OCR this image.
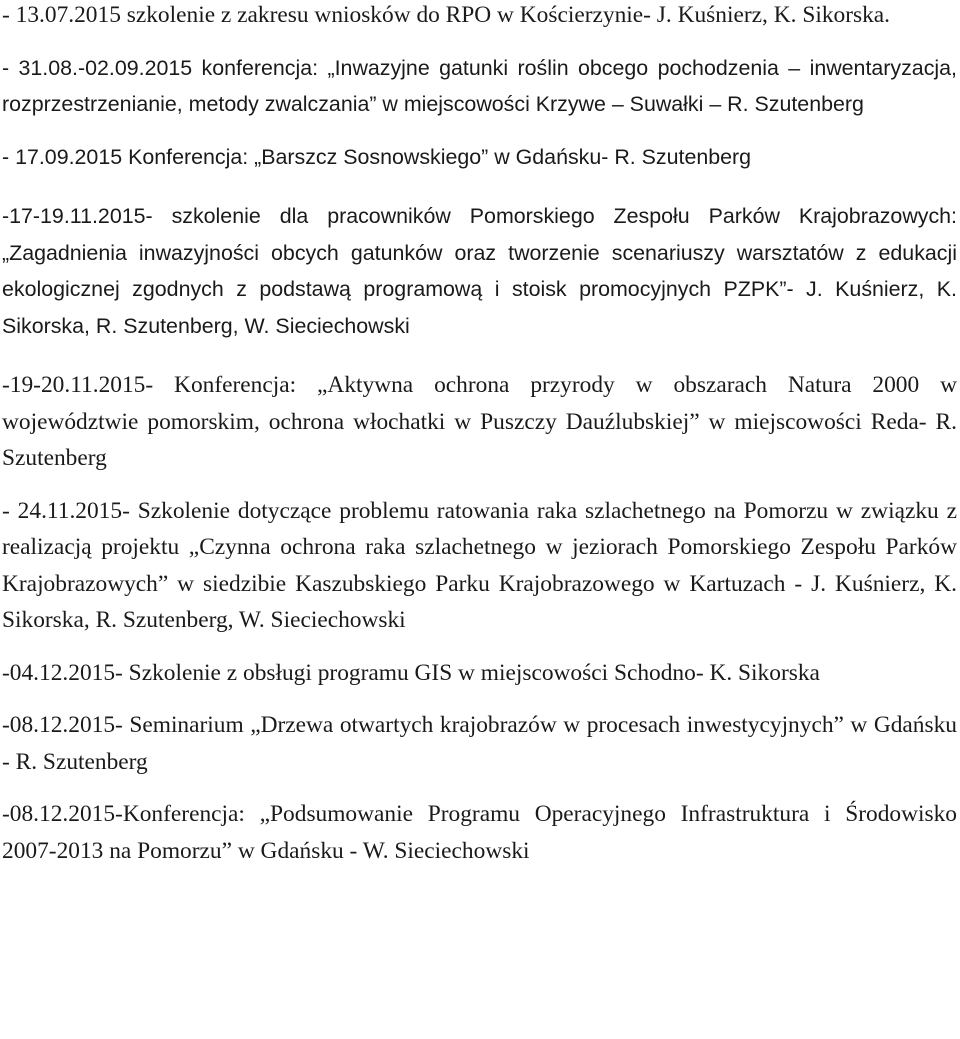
- 13.07.2015 szkolenie z zakresu wniosków do RPO w Kościerzynie- J. Kuśnierz, K. Sikorska.

- 31.08.-02.09.2015 konferencja: „Inwazyjne gatunki roślin obcego pochodzenia – inwentaryzacja, rozprzestrzenianie, metody zwalczania” w miejscowości Krzywe – Suwałki – R. Szutenberg

- 17.09.2015 Konferencja: „Barszcz Sosnowskiego” w Gdańsku- R. Szutenberg

-17-19.11.2015- szkolenie dla pracowników Pomorskiego Zespołu Parków Krajobrazowych: „Zagadnienia inwazyjności obcych gatunków oraz tworzenie scenariuszy warsztatów z edukacji ekologicznej zgodnych z podstawą programową i stoisk promocyjnych PZPK”- J. Kuśnierz, K. Sikorska, R. Szutenberg, W. Sieciechowski

-19-20.11.2015- Konferencja: „Aktywna ochrona przyrody w obszarach Natura 2000 w województwie pomorskim, ochrona włochatki w Puszczy Dauźlubskiej” w miejscowości Reda- R. Szutenberg

- 24.11.2015- Szkolenie dotyczące problemu ratowania raka szlachetnego na Pomorzu w związku z realizacją projektu „Czynna ochrona raka szlachetnego w jeziorach Pomorskiego Zespołu Parków Krajobrazowych” w siedzibie Kaszubskiego Parku Krajobrazowego w Kartuzach - J. Kuśnierz, K. Sikorska, R. Szutenberg, W. Sieciechowski

-04.12.2015- Szkolenie z obsługi programu GIS w miejscowości Schodno- K. Sikorska

-08.12.2015- Seminarium „Drzewa otwartych krajobrazów w procesach inwestycyjnych” w Gdańsku - R. Szutenberg

-08.12.2015-Konferencja: „Podsumowanie Programu Operacyjnego Infrastruktura i Środowisko 2007-2013 na Pomorzu” w Gdańsku - W. Sieciechowski
